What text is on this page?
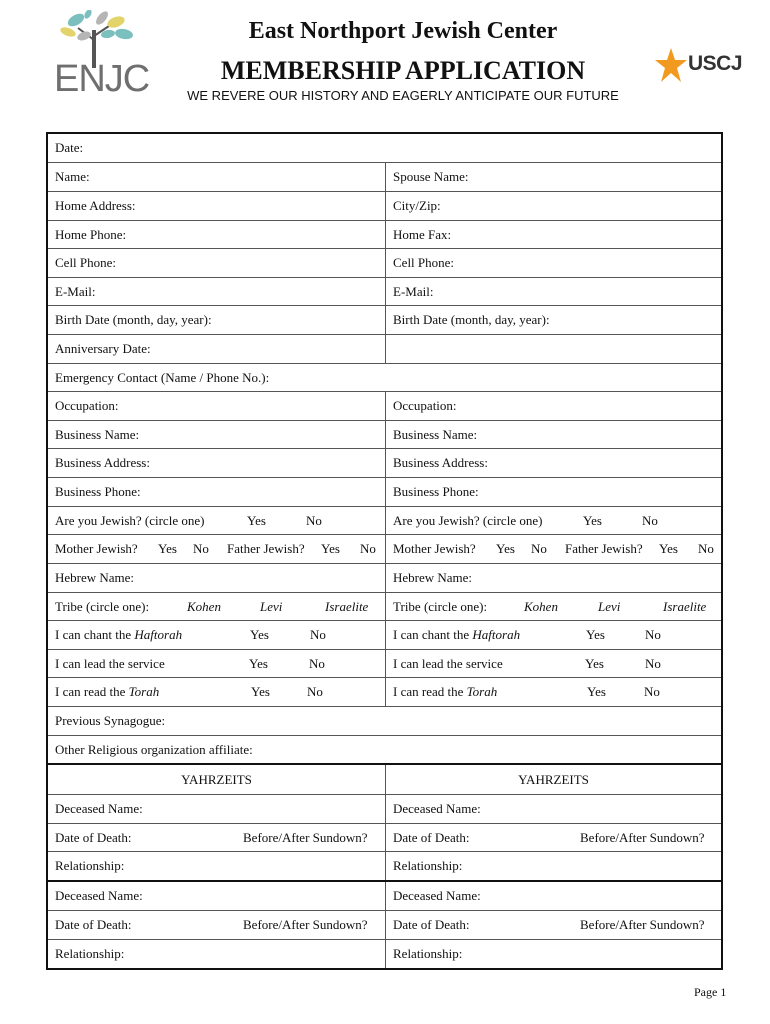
ENJC
East Northport Jewish Center
MEMBERSHIP APPLICATION
WE REVERE OUR HISTORY AND EAGERLY ANTICIPATE OUR FUTURE
USCJ
Date:
Name:	Spouse Name:
Home Address:	City/Zip:
Home Phone:	Home Fax:
Cell Phone:	Cell Phone:
E-Mail:	E-Mail:
Birth Date (month, day, year):	Birth Date (month, day, year):
Anniversary Date:
Emergency Contact (Name / Phone No.):
Occupation:	Occupation:
Business Name:	Business Name:
Business Address:	Business Address:
Business Phone:	Business Phone:
Are you Jewish? (circle one)	Yes	No	Are you Jewish? (circle one)	Yes	No
Mother Jewish? Yes No Father Jewish? Yes No Mother Jewish? Yes No Father Jewish? Yes No
Hebrew Name:	Hebrew Name:
Tribe (circle one):	Kohen	Levi	Israelite Tribe (circle one):	Kohen	Levi	Israelite
I can chant the Haftorah	Yes	No	I can chant the Haftorah	Yes	No
I can lead the service	Yes	No	I can lead the service	Yes	No
I can read the Torah	Yes	No	I can read the Torah	Yes	No
Previous Synagogue:
Other Religious organization affiliate:
YAHRZEITS	YAHRZEITS
Deceased Name:	Deceased Name:
Date of Death:	Before/After Sundown? Date of Death:	Before/After Sundown?
Relationship:	Relationship:
Deceased Name:	Deceased Name:
Date of Death:	Before/After Sundown? Date of Death:	Before/After Sundown?
Relationship:	Relationship:
Page 1
